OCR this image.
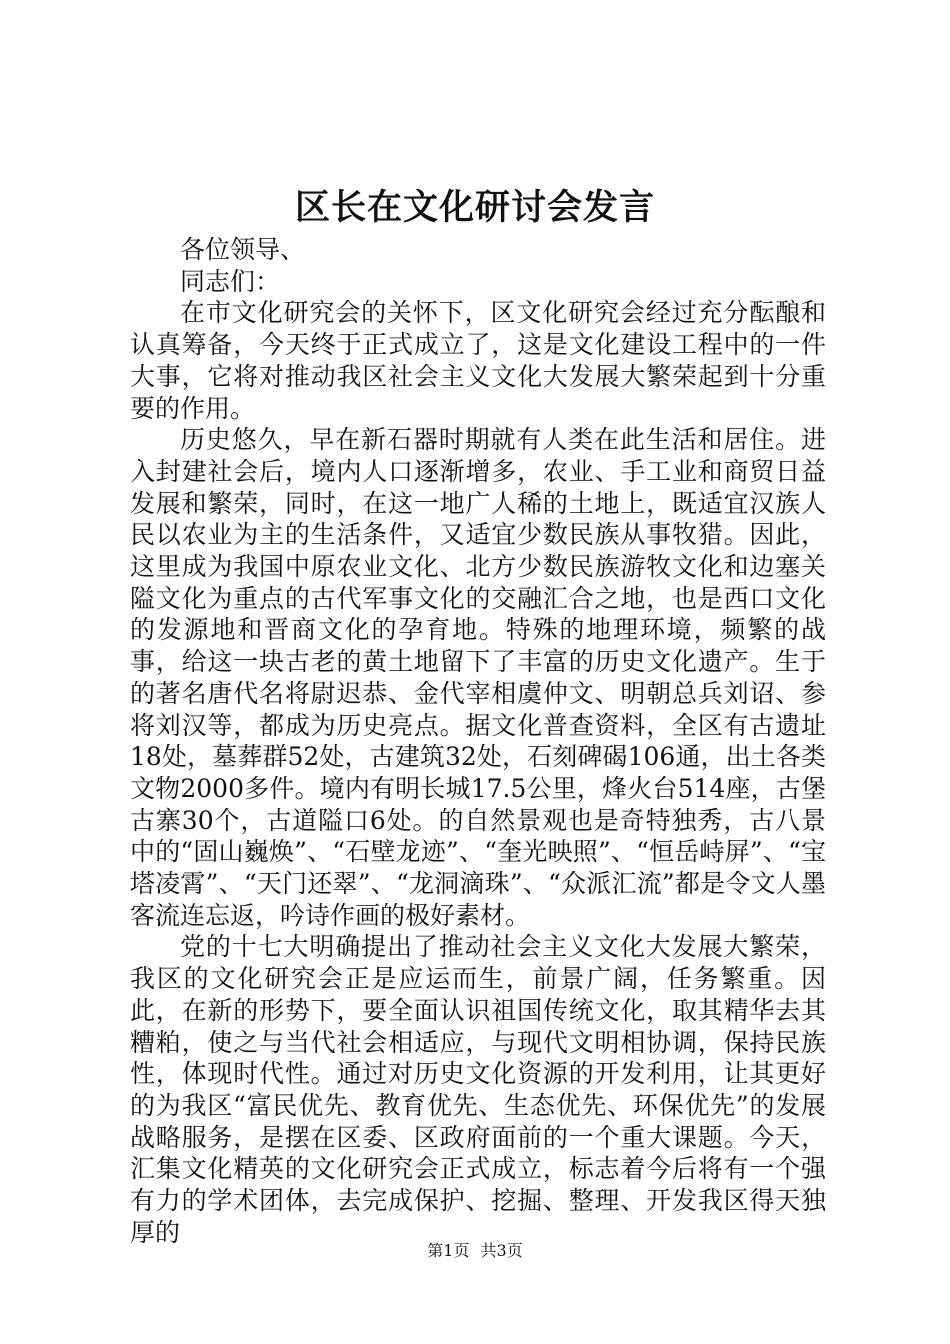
区长在文化研讨会发言

各位领导、

同志们：

在市文化研究会的关怀下，区文化研究会经过充分酝酿和认真筹备，今天终于正式成立了，这是文化建设工程中的一件大事，它将对推动我区社会主义文化大发展大繁荣起到十分重要的作用。

历史悠久，早在新石器时期就有人类在此生活和居住。进入封建社会后，境内人口逐渐增多，农业、手工业和商贸日益发展和繁荣，同时，在这一地广人稀的土地上，既适宜汉族人民以农业为主的生活条件，又适宜少数民族从事牧猎。因此，这里成为我国中原农业文化、北方少数民族游牧文化和边塞关隘文化为重点的古代军事文化的交融汇合之地，也是西口文化的发源地和晋商文化的孕育地。特殊的地理环境，频繁的战事，给这一块古老的黄土地留下了丰富的历史文化遗产。生于的著名唐代名将尉迟恭、金代宰相虞仲文、明朝总兵刘诏、参将刘汉等，都成为历史亮点。据文化普查资料，全区有古遗址18处，墓葬群52处，古建筑32处，石刻碑碣106通，出土各类文物2000多件。境内有明长城17.5公里，烽火台514座，古堡古寨30个，古道隘口6处。的自然景观也是奇特独秀，古八景中的“固山巍焕”、“石壁龙迹”、“奎光映照”、“恒岳峙屏”、“宝塔凌霄”、“天门还翠”、“龙洞滴珠”、“众派汇流”都是令文人墨客流连忘返，吟诗作画的极好素材。

党的十七大明确提出了推动社会主义文化大发展大繁荣，我区的文化研究会正是应运而生，前景广阔，任务繁重。因此，在新的形势下，要全面认识祖国传统文化，取其精华去其糟粕，使之与当代社会相适应，与现代文明相协调，保持民族性，体现时代性。通过对历史文化资源的开发利用，让其更好的为我区“富民优先、教育优先、生态优先、环保优先”的发展战略服务，是摆在区委、区政府面前的一个重大课题。今天，汇集文化精英的文化研究会正式成立，标志着今后将有一个强有力的学术团体，去完成保护、挖掘、整理、开发我区得天独厚的

第1页 共3页
